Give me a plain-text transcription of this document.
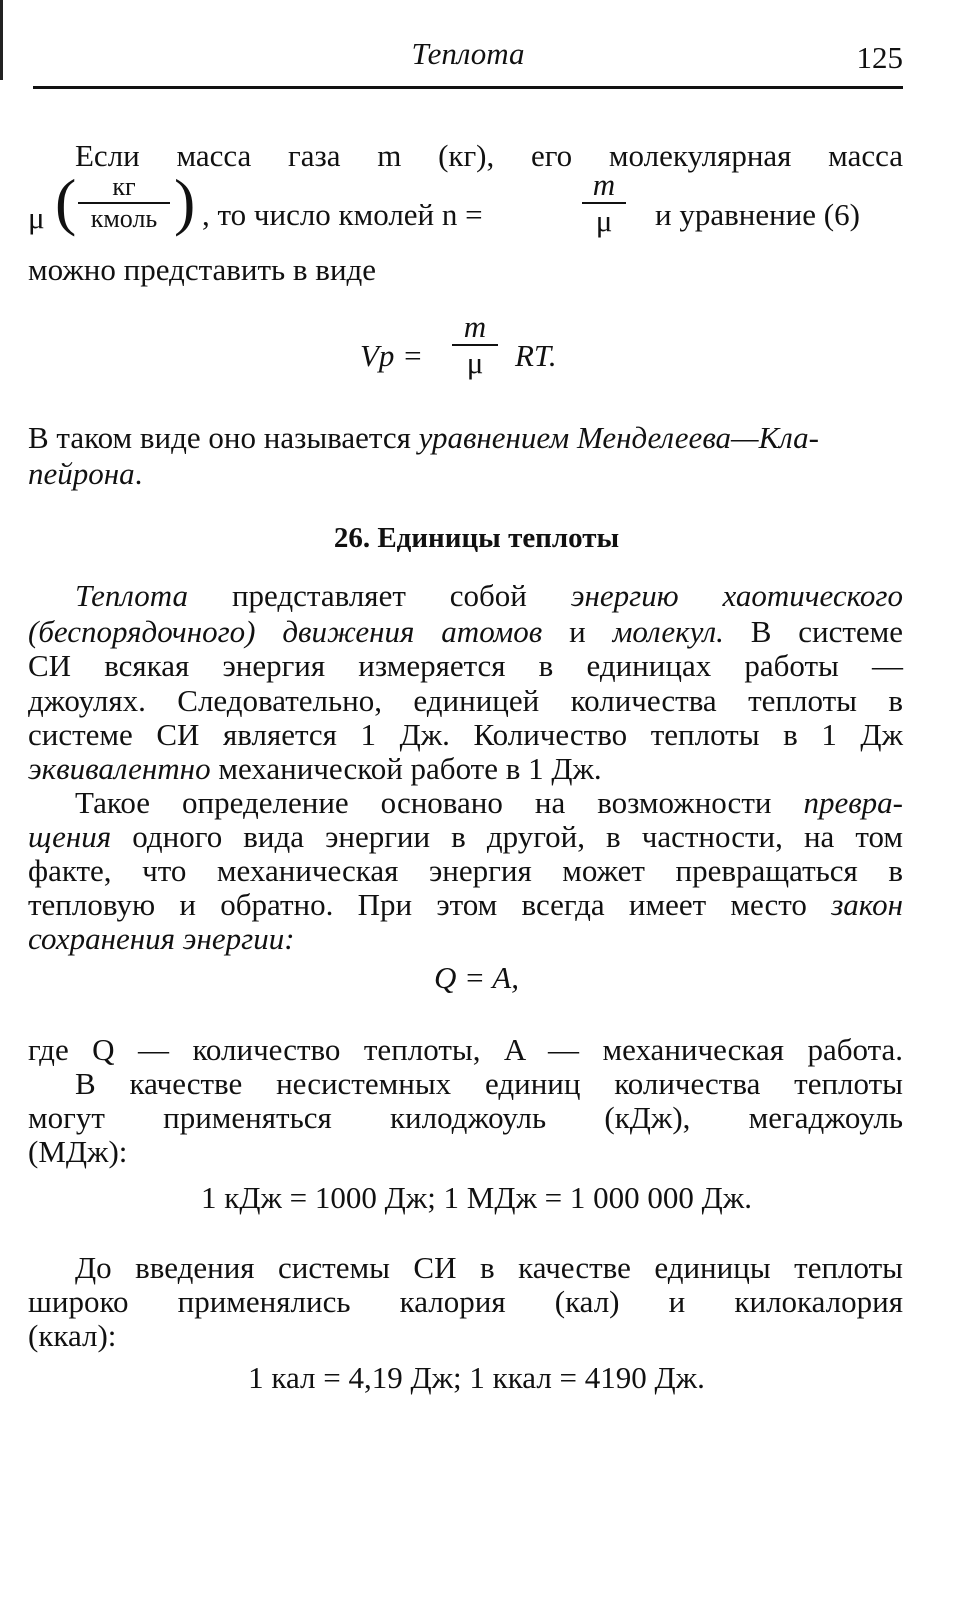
Теплота	125
Если масса газа m (кг), его молекулярная масса
μ (	кг
кмоль ) , то число кмолей n =
m
μ	и уравнение (6)
можно представить в виде
Vp =
m
μ	RT.
В таком виде оно называется уравнением Менделеева—Кла-
пейрона.
26. Единицы теплоты
Теплота представляет собой энергию хаотического
(беспорядочного) движения атомов и молекул. В системе
СИ всякая энергия измеряется в единицах работы —
джоулях. Следовательно, единицей количества теплоты в
системе СИ является 1 Дж. Количество теплоты в 1 Дж
эквивалентно механической работе в 1 Дж.
Такое определение основано на возможности превра-
щения одного вида энергии в другой, в частности, на том
факте, что механическая энергия может превращаться в
тепловую и обратно. При этом всегда имеет место закон
сохранения энергии:
Q = A,
где Q — количество теплоты, A — механическая работа.
В качестве несистемных единиц количества теплоты
могут применяться килоджоуль (кДж), мегаджоуль
(МДж):
1 кДж = 1000 Дж; 1 МДж = 1 000 000 Дж.
До введения системы СИ в качестве единицы теплоты
широко применялись калория (кал) и килокалория
(ккал):
1 кал = 4,19 Дж; 1 ккал = 4190 Дж.
